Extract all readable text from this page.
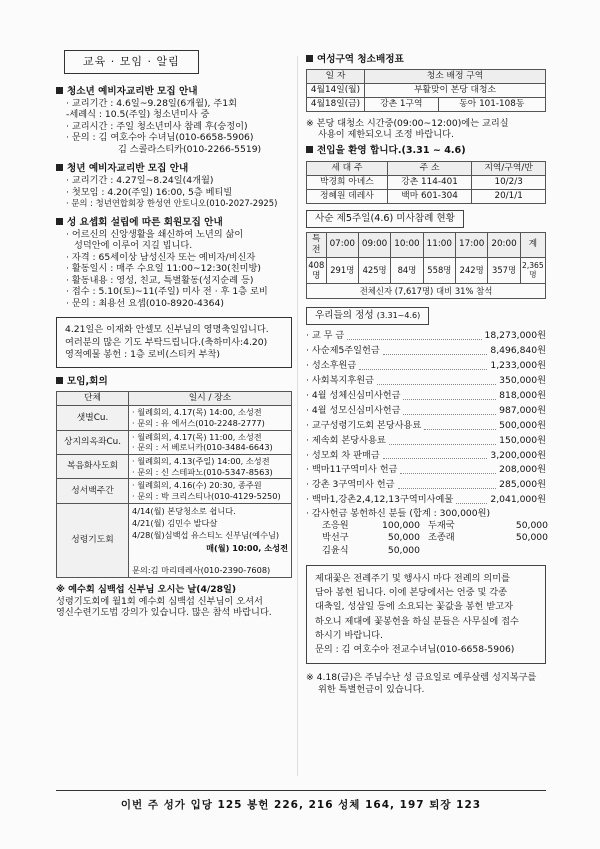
교육 · 모임 · 알림
청소년 예비자교리반 모집 안내
· 교리기간 : 4.6일~9.28일(6개월), 주1회
-세례식 : 10.5(주일) 청소년미사 중
· 교리시간 : 주일 청소년미사 참례 후(숭정이)
· 문의 : 김 여호수아 수녀님(010-6658-5906)
김 스콜라스티카(010-2266-5519)
청년 예비자교리반 모집 안내
· 교리기간 : 4.27일~8.24일(4개월)
· 첫모임 : 4.20(주일) 16:00, 5층 베티빌
· 문의 : 청년연합회장 한성연 안토니오(010-2027-2925)
성 요셉회 설립에 따른 회원모집 안내
· 어르신의 신앙생활을 쇄신하여 노년의 삶이
성덕안에 이루어 지길 빕니다.
· 자격 : 65세이상 남성신자 또는 예비자/비신자
· 활동일시 : 매주 수요일 11:00~12:30(친미방)
· 활동내용 : 영성, 친교, 특별활동(성지순례 등)
· 접수 : 5.10(토)~11(주일) 미사 전 · 후 1층 로비
· 문의 : 최용선 요셉(010-8920-4364)
4.21일은 이재화 안셀모 신부님의 영명축일입니다.
여러분의 많은 기도 부탁드립니다.(축하미사:4.20)
영적예물 봉헌 : 1층 로비(스티커 부착)
모임,회의
단체	일시 / 장소
샛별Cu.	· 월례회의, 4.17(목) 14:00, 소성전
· 문의 : 유 에서스(010-2248-2777)

상지의옥좌Cu.	· 월례회의, 4.17(목) 11:00, 소성전
· 문의 : 서 베로니카(010-3484-6643)

복음화사도회	· 월례회의, 4.13(주일) 14:00, 소성전
· 문의 : 신 스테파노(010-5347-8563)

성서백주간	· 월례회의, 4.16(수) 20:30, 종주원
· 문의 : 박 크리스티나(010-4129-5250)

성령기도회	4/14(월) 본당청소로 쉽니다.
4/21(월) 김민수 발다살
4/28(월)심백섭 유스티노 신부님(예수님)
매(월) 10:00, 소성전
문의:김 마리데레사(010-2390-7608)
※ 예수회 심백섭 신부님 오시는 날(4/28일)
성령기도회에 월1회 예수회 심백섭 신부님이 오셔서
영신수련기도법 강의가 있습니다. 많은 참석 바랍니다.
여성구역 청소배정표
일 자	청소 배정 구역	
4월14일(월)	부활맞이 본당 대청소	
4월18일(금)	강촌 1구역	동아 101-108동
※ 본당 대청소 시간중(09:00~12:00)에는 교리실
사용이 제한되오니 조정 바랍니다.
전입을 환영 합니다.(3.31 ~ 4.6)
세 대 주	주 소	지역/구역/반
박경희 아녜스	강촌 114-401	10/2/3
정혜원 데레사	백마 601-304	20/1/1
사순 제5주일(4.6) 미사참례 현황
특전	07:00	09:00	10:00	11:00	17:00	20:00	계
408명	291명	425명	84명	558명	242명	357명	2,365명
전체신자 (7,617명) 대비 31% 참석							
우리들의 정성 (3.31~4.6)
· 교 무 금	18,273,000원
· 사순제5주일헌금	8,496,840원
· 성소후원금	1,233,000원
· 사회복지후원금	350,000원
· 4월 성체신심미사헌금	818,000원
· 4월 성모신심미사헌금	987,000원
· 교구성령기도회 본당사용료	500,000원
· 제속회 본당사용료	150,000원
· 성모회 차 판매금	3,200,000원
· 백마11구역미사 헌금	208,000원
· 강촌 3구역미사 헌금	285,000원
· 백마1,강촌2,4,12,13구역미사예물	2,041,000원
· 감사헌금 봉헌하신 분들 (합계 : 300,000원)
조응원	100,000 두재국	50,000
박선구	50,000 조종래	50,000
김윤식	50,000
제대꽃은 전례주기 및 행사시 마다 전례의 의미를
담아 봉헌 됩니다. 이에 본당에서는 언중 및 각종
대축일, 성삼일 등에 소요되는 꽃값을 봉헌 받고자
하오니 제대에 꽃봉헌을 하실 분들은 사무실에 접수
하시기 바랍니다.
문의 : 김 여호수아 전교수녀님(010-6658-5906)
※ 4.18(금)은 주님수난 성 금요일로 예루살렘 성지복구를
위한 특별헌금이 있습니다.
이번 주 성가 입당 125 봉헌 226, 216 성체 164, 197 퇴장 123
